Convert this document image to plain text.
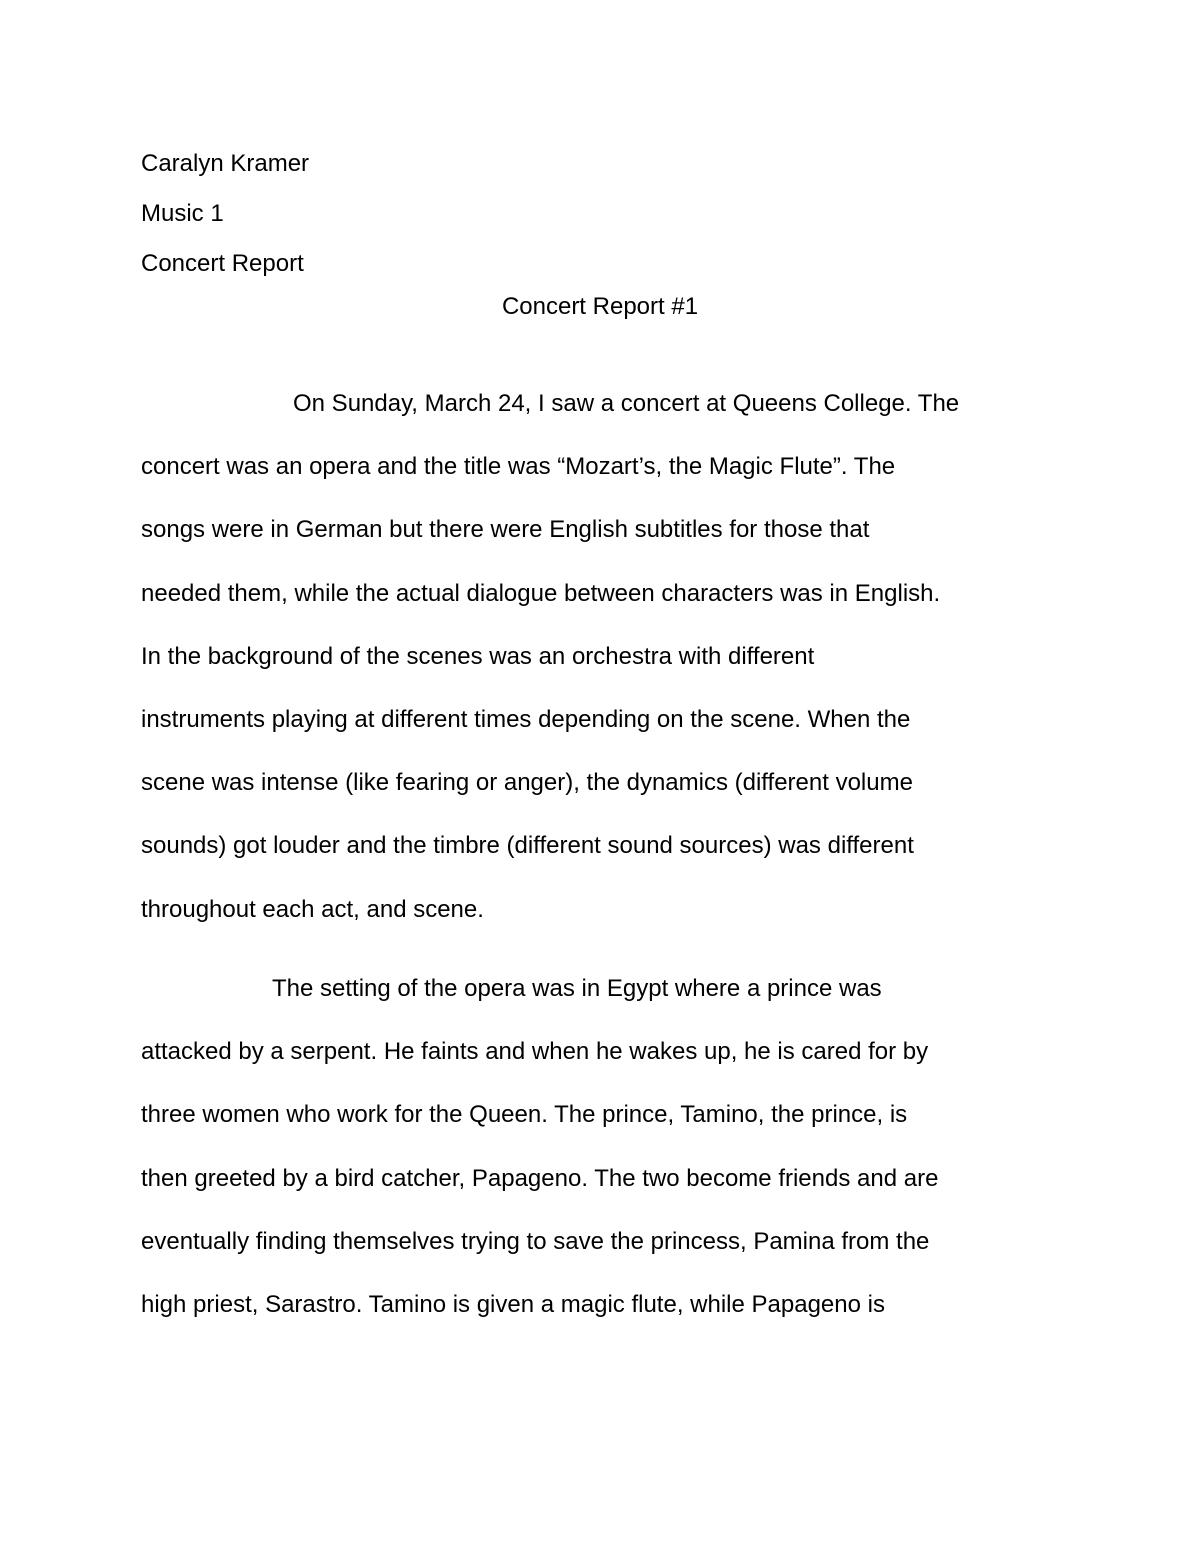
Caralyn Kramer
Music 1
Concert Report
Concert Report #1
On Sunday, March 24, I saw a concert at Queens College. The
concert was an opera and the title was “Mozart’s, the Magic Flute”. The
songs were in German but there were English subtitles for those that
needed them, while the actual dialogue between characters was in English.
In the background of the scenes was an orchestra with different
instruments playing at different times depending on the scene. When the
scene was intense (like fearing or anger), the dynamics (different volume
sounds) got louder and the timbre (different sound sources) was different
throughout each act, and scene.
The setting of the opera was in Egypt where a prince was
attacked by a serpent. He faints and when he wakes up, he is cared for by
three women who work for the Queen. The prince, Tamino, the prince, is
then greeted by a bird catcher, Papageno. The two become friends and are
eventually finding themselves trying to save the princess, Pamina from the
high priest, Sarastro. Tamino is given a magic flute, while Papageno is
